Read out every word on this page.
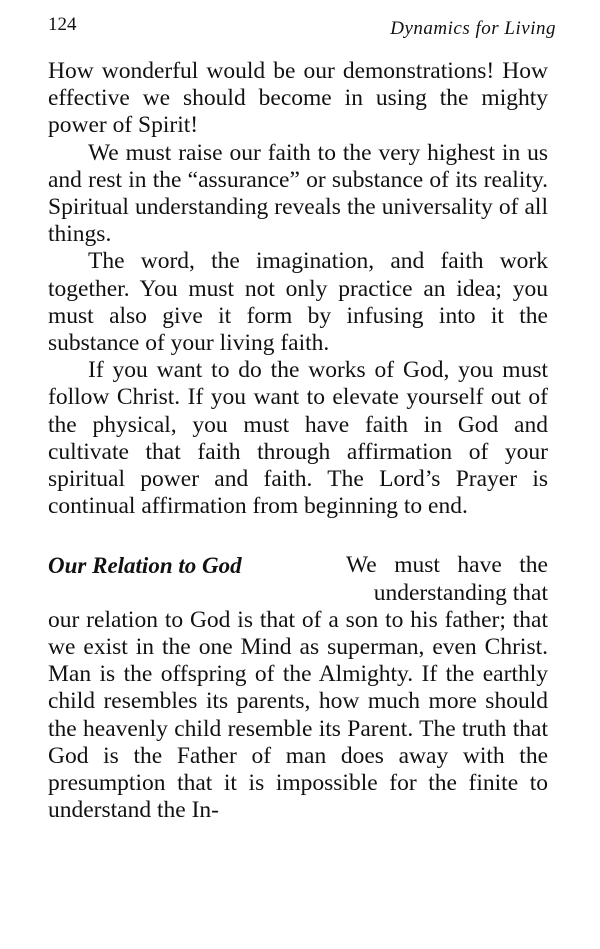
124	Dynamics for Living

How wonderful would be our demonstrations! How effective we should become in using the mighty power of Spirit!

We must raise our faith to the very highest in us and rest in the “assurance” or substance of its reality. Spiritual understanding reveals the universality of all things.

The word, the imagination, and faith work together. You must not only practice an idea; you must also give it form by infusing into it the substance of your living faith.

If you want to do the works of God, you must follow Christ. If you want to elevate yourself out of the physical, you must have faith in God and cultivate that faith through affirmation of your spiritual power and faith. The Lord’s Prayer is continual affirmation from beginning to end.

Our Relation to God	We must have the
understanding that

our relation to God is that of a son to his father; that we exist in the one Mind as superman, even Christ. Man is the offspring of the Almighty. If the earthly child resembles its parents, how much more should the heavenly child resemble its Parent. The truth that God is the Father of man does away with the presumption that it is impossible for the finite to understand the In-
